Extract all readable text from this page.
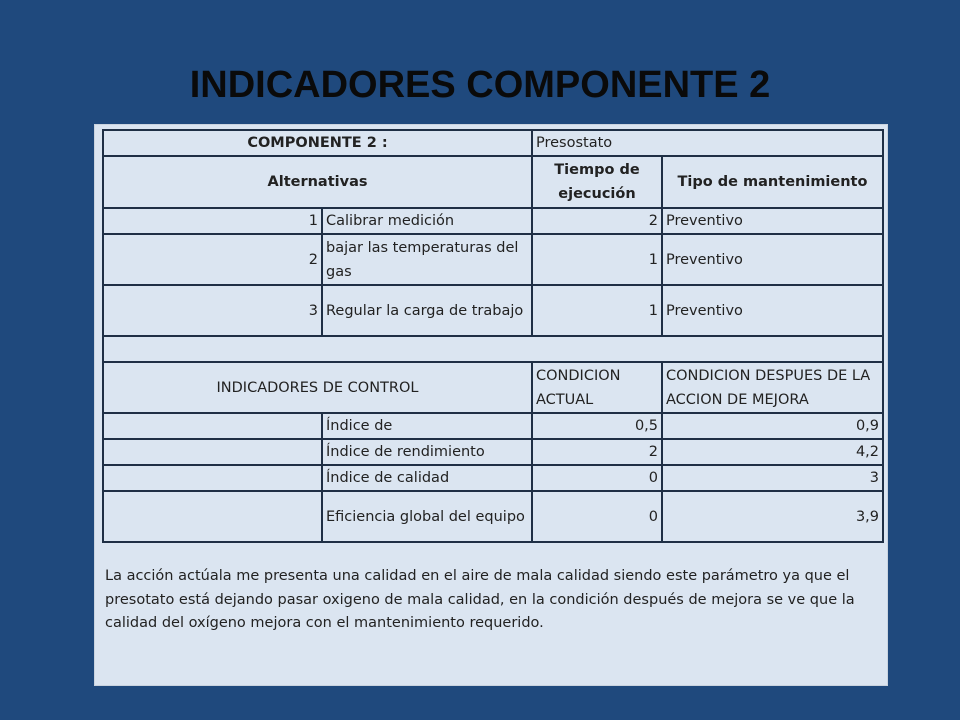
INDICADORES COMPONENTE 2
COMPONENTE 2 :		Presostato	
Alternativas		Tiempo de ejecución	Tipo de mantenimiento
1	Calibrar medición	2	Preventivo
2	bajar las temperaturas del gas	1	Preventivo
3	Regular la carga de trabajo	1	Preventivo

INDICADORES DE CONTROL		CONDICION ACTUAL	CONDICION DESPUES DE LA ACCION DE MEJORA
	Índice de	0,5	0,9
	Índice de rendimiento	2	4,2
	Índice de calidad	0	3
	Eficiencia global del equipo	0	3,9
La acción actúala me presenta una calidad en el aire de mala calidad siendo este parámetro ya que el presotato está dejando pasar oxigeno de mala calidad, en la condición después de mejora se ve que la calidad del oxígeno mejora con el mantenimiento requerido.
